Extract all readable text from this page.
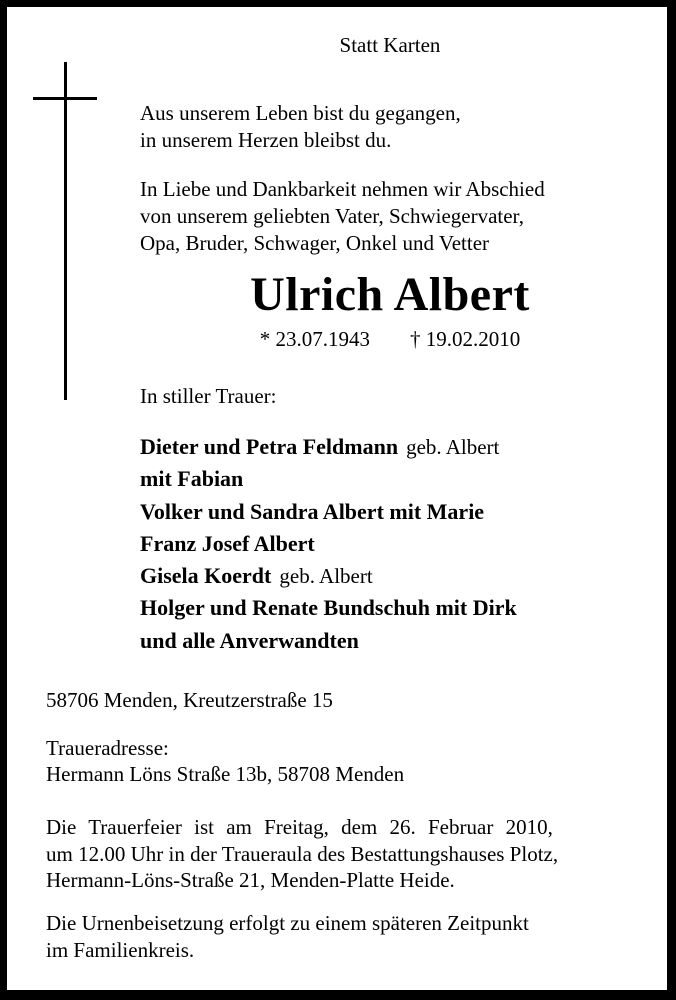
Statt Karten
Aus unserem Leben bist du gegangen,
in unserem Herzen bleibst du.
In Liebe und Dankbarkeit nehmen wir Abschied
von unserem geliebten Vater, Schwiegervater,
Opa, Bruder, Schwager, Onkel und Vetter
Ulrich Albert
* 23.07.1943 † 19.02.2010
In stiller Trauer:
Dieter und Petra Feldmann geb. Albert
mit Fabian
Volker und Sandra Albert mit Marie
Franz Josef Albert
Gisela Koerdt geb. Albert
Holger und Renate Bundschuh mit Dirk
und alle Anverwandten
58706 Menden, Kreutzerstraße 15
Traueradresse:
Hermann Löns Straße 13b, 58708 Menden
Die Trauerfeier ist am Freitag, dem 26. Februar 2010,
um 12.00 Uhr in der Traueraula des Bestattungshauses Plotz,
Hermann-Löns-Straße 21, Menden-Platte Heide.
Die Urnenbeisetzung erfolgt zu einem späteren Zeitpunkt
im Familienkreis.
